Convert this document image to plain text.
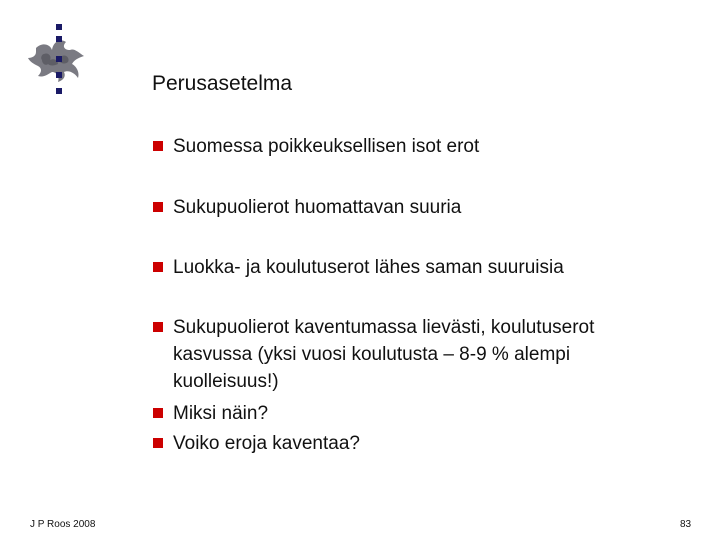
Perusasetelma
Suomessa poikkeuksellisen isot erot
Sukupuolierot huomattavan suuria
Luokka- ja koulutuserot lähes saman suuruisia
Sukupuolierot kaventumassa lievästi, koulutuserot
kasvussa (yksi vuosi koulutusta – 8-9 % alempi
kuolleisuus!)
Miksi näin?
Voiko eroja kaventaa?
J P Roos 2008	83
